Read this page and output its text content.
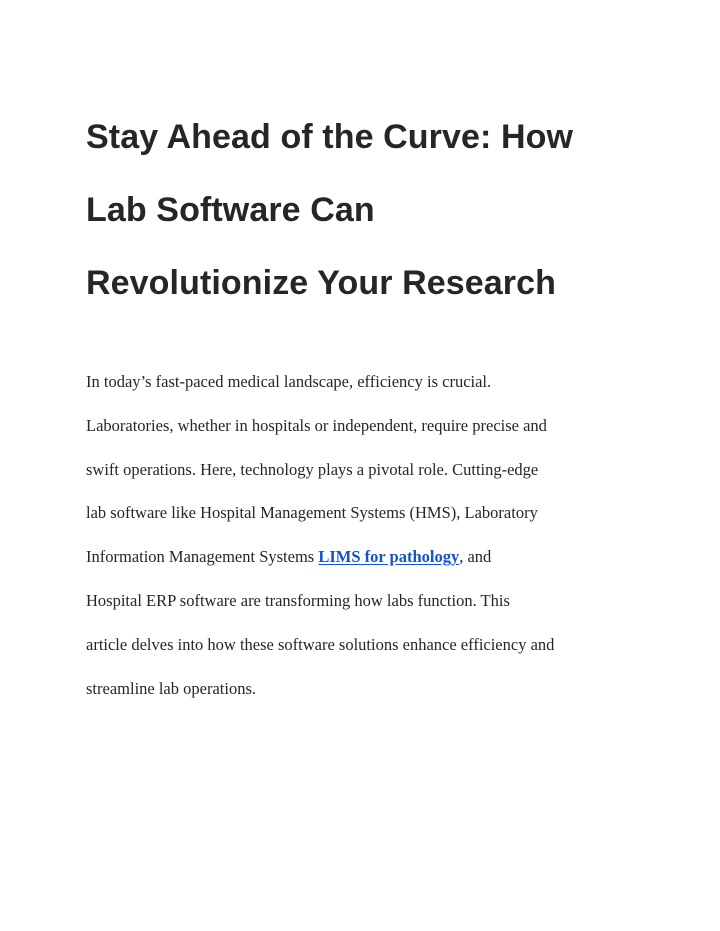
Stay Ahead of the Curve: How
Lab Software Can
Revolutionize Your Research

In today’s fast-paced medical landscape, efficiency is crucial.
Laboratories, whether in hospitals or independent, require precise and
swift operations. Here, technology plays a pivotal role. Cutting-edge
lab software like Hospital Management Systems (HMS), Laboratory
Information Management Systems LIMS for pathology, and
Hospital ERP software are transforming how labs function. This
article delves into how these software solutions enhance efficiency and
streamline lab operations.
